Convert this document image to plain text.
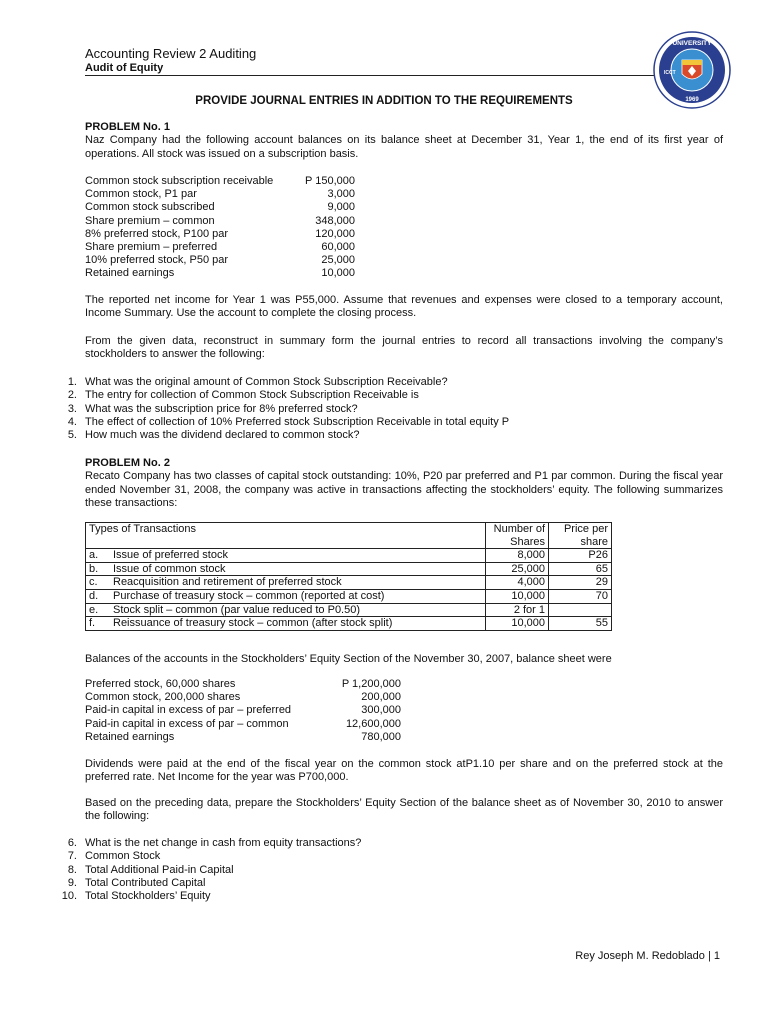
Accounting Review 2 Auditing
Audit of Equity
UNIVERSITY
ICCT
1969
PROVIDE JOURNAL ENTRIES IN ADDITION TO THE REQUIREMENTS
PROBLEM No. 1
Naz Company had the following account balances on its balance sheet at December 31, Year 1, the end of its first year of operations. All stock was issued on a subscription basis.
Common stock subscription receivable	P 150,000
Common stock, P1 par	3,000
Common stock subscribed	9,000
Share premium – common	348,000
8% preferred stock, P100 par	120,000
Share premium – preferred	60,000
10% preferred stock, P50 par	25,000
Retained earnings	10,000
The reported net income for Year 1 was P55,000. Assume that revenues and expenses were closed to a temporary account, Income Summary. Use the account to complete the closing process.
From the given data, reconstruct in summary form the journal entries to record all transactions involving the company’s stockholders to answer the following:
1. What was the original amount of Common Stock Subscription Receivable?
2. The entry for collection of Common Stock Subscription Receivable is
3. What was the subscription price for 8% preferred stock?
4. The effect of collection of 10% Preferred stock Subscription Receivable in total equity P
5. How much was the dividend declared to common stock?
PROBLEM No. 2
Recato Company has two classes of capital stock outstanding: 10%, P20 par preferred and P1 par common. During the fiscal year ended November 31, 2008, the company was active in transactions affecting the stockholders’ equity. The following summarizes these transactions:
Types of Transactions		Number of Shares	Price per share
a.	Issue of preferred stock	8,000	P26
b.	Issue of common stock	25,000	65
c.	Reacquisition and retirement of preferred stock	4,000	29
d.	Purchase of treasury stock – common (reported at cost)	10,000	70
e.	Stock split – common (par value reduced to P0.50)	2 for 1	
f.	Reissuance of treasury stock – common (after stock split)	10,000	55
Balances of the accounts in the Stockholders’ Equity Section of the November 30, 2007, balance sheet were
Preferred stock, 60,000 shares	P 1,200,000
Common stock, 200,000 shares	200,000
Paid-in capital in excess of par – preferred	300,000
Paid-in capital in excess of par – common	12,600,000
Retained earnings	780,000
Dividends were paid at the end of the fiscal year on the common stock atP1.10 per share and on the preferred stock at the preferred rate. Net Income for the year was P700,000.
Based on the preceding data, prepare the Stockholders’ Equity Section of the balance sheet as of November 30, 2010 to answer the following:
6. What is the net change in cash from equity transactions?
7. Common Stock
8. Total Additional Paid-in Capital
9. Total Contributed Capital
10. Total Stockholders’ Equity
Rey Joseph M. Redoblado | 1
